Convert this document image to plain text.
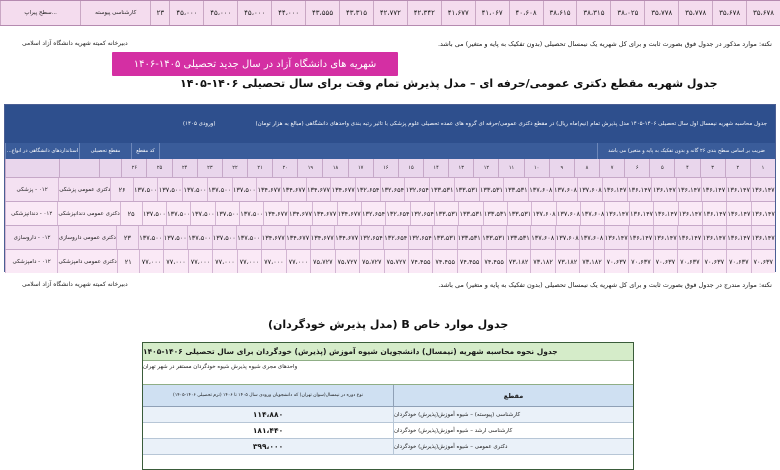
۳۵،۶۷۸
۳۵،۶۷۸
۳۵،۷۷۸
۳۵،۷۷۸
۳۸،۰۲۵
۳۸،۳۱۵
۳۸،۶۱۵
۴۰،۶۰۸
۴۱،۰۶۷
۴۱،۶۷۷
۴۲،۳۴۲
۴۲،۷۷۲
۴۳،۳۱۵
۴۳،۵۵۵
۴۴،۰۰۰
۴۵،۰۰۰
۴۵،۰۰۰
۴۵،۰۰۰
۲۳
کارشناسی پیوسته
سطح پیراپ...
نکته: موارد مذکور در جدول فوق بصورت ثابت و برای کل شهریه یک نیمسال تحصیلی (بدون تفکیک به پایه و متغیر) می باشد.
دبیرخانه کمیته شهریه دانشگاه آزاد اسلامی
شهریه های دانشگاه آزاد در سال جدید تحصیلی ۱۴۰۵-۱۴۰۶
جدول شهریه مقطع دکتری عمومی/حرفه ای – مدل پذیرش تمام وقت برای سال تحصیلی ۱۴۰۶-۱۴۰۵
جدول محاسبه شهریه نیمسال اول سال تحصیلی ۱۴۰۶-۱۴۰۵ مدل پذیرش تمام (نیم)ماه ریال) در مقطع دکتری عمومی/حرفه ای گروه های عمده تحصیلی علوم پزشکی با تاثیر رتبه بندی واحدهای دانشگاهی (مبالغ به هزار تومان)
(ورودی ۱۴۰۵)
ضریب بر اساس سطح بندی ۲۶ گانه و بدون تفکیک به پایه و متغیر) می باشد
کد مقطع
مقطع تحصیلی
استانداردهای دانشگاهی در انواع...
۱
۲
۳
۴
۵
۶
۷
۸
۹
۱۰
۱۱
۱۲
۱۳
۱۴
۱۵
۱۶
۱۷
۱۸
۱۹
۲۰
۲۱
۲۲
۲۳
۲۴
۲۵
۲۶
۱۳۶،۱۴۷
۱۳۶،۱۴۷
۱۳۶،۱۴۷
۱۳۶،۱۴۷
۱۳۶،۱۴۷
۱۳۶،۱۴۷
۱۳۶،۱۴۷
۱۳۷،۶۰۸
۱۳۷،۶۰۸
۱۳۷،۶۰۸
۱۳۳،۵۳۱
۱۳۳،۵۳۱
۱۳۳،۵۳۱
۱۳۳،۵۳۱
۱۳۲،۶۵۴
۱۳۲،۶۵۴
۱۳۲،۶۵۴
۱۳۴،۶۷۷
۱۳۴،۶۷۷
۱۳۴،۶۷۷
۱۳۴،۶۷۷
۱۳۷،۵۰۰
۱۳۷،۵۰۰
۱۳۷،۵۰۰
۱۳۷،۵۰۰
۱۳۷،۵۰۰
۲۶
دکتری عمومی پزشکی
۰۱۲ - پزشکی
۱۳۶،۱۴۷
۱۳۶،۱۴۷
۱۳۶،۱۴۷
۱۳۶،۱۴۷
۱۳۶،۱۴۷
۱۳۶،۱۴۷
۱۳۶،۱۴۷
۱۳۷،۶۰۸
۱۳۷،۶۰۸
۱۳۷،۶۰۸
۱۳۳،۵۳۱
۱۳۳،۵۳۱
۱۳۳،۵۳۱
۱۳۳،۵۳۱
۱۳۲،۶۵۴
۱۳۲،۶۵۴
۱۳۲،۶۵۴
۱۳۴،۶۷۷
۱۳۴،۶۷۷
۱۳۴،۶۷۷
۱۳۴،۶۷۷
۱۳۷،۵۰۰
۱۳۷،۵۰۰
۱۳۷،۵۰۰
۱۳۷،۵۰۰
۱۳۷،۵۰۰
۲۵
دکتری عمومی دندانپزشکی
۰۱۲ - دندانپزشکی
۱۳۶،۱۴۷
۱۳۶،۱۴۷
۱۳۶،۱۴۷
۱۳۶،۱۴۷
۱۳۶،۱۴۷
۱۳۶،۱۴۷
۱۳۶،۱۴۷
۱۳۷،۶۰۸
۱۳۷،۶۰۸
۱۳۷،۶۰۸
۱۳۳،۵۳۱
۱۳۳،۵۳۱
۱۳۳،۵۳۱
۱۳۳،۵۳۱
۱۳۲،۶۵۴
۱۳۲،۶۵۴
۱۳۲،۶۵۴
۱۳۴،۶۷۷
۱۳۴،۶۷۷
۱۳۴،۶۷۷
۱۳۴،۶۷۷
۱۳۷،۵۰۰
۱۳۷،۵۰۰
۱۳۷،۵۰۰
۱۳۷،۵۰۰
۱۳۷،۵۰۰
۲۳
دکتری عمومی داروسازی
۰۱۲ - داروسازی
۷۰،۶۳۷
۷۰،۶۳۷
۷۰،۶۳۷
۷۰،۶۳۷
۷۰،۶۳۷
۷۰،۶۳۷
۷۰،۶۳۷
۷۳،۱۸۲
۷۳،۱۸۲
۷۳،۱۸۲
۷۳،۱۸۲
۷۴،۴۵۵
۷۴،۴۵۵
۷۴،۴۵۵
۷۴،۴۵۵
۷۵،۷۲۷
۷۵،۷۲۷
۷۵،۷۲۷
۷۵،۷۲۷
۷۷،۰۰۰
۷۷،۰۰۰
۷۷،۰۰۰
۷۷،۰۰۰
۷۷،۰۰۰
۷۷،۰۰۰
۷۷،۰۰۰
۲۱
دکتری عمومی دامپزشکی
۰۱۲ - دامپزشکی
نکته: موارد مندرج در جدول فوق بصورت ثابت و برای کل شهریه یک نیمسال تحصیلی (بدون تفکیک به پایه و متغیر) می باشد.
دبیرخانه کمیته شهریه دانشگاه آزاد اسلامی
جدول موارد خاص B (مدل پذیرش خودگردان)
جدول نحوه محاسبه شهریه (نیمسال) دانشجویان شیوه آموزش (پذیرش) خودگردان برای سال تحصیلی ۱۴۰۶-۱۴۰۵
واحدهای مجری شیوه پذیرش شیوه خودگردان مستقر در شهر تهران
مقطع
نوع دوره در نیمسال(سوان تهران) که دانشجویان ورودی سال ۱۴۰۵ تا ۱۴۰۶ (ترم تحصیلی ۱۴۰۶-۱۴۰۵)
کارشناسی (پیوسته) – شیوه آموزش(پذیرش) خودگردان
۱۱۴،۸۸۰
کارشناسی ارشد – شیوه آموزش(پذیرش) خودگردان
۱۸۱،۴۴۰
دکتری عمومی – شیوه آموزش(پذیرش) خودگردان
۳۹۹،۰۰۰
